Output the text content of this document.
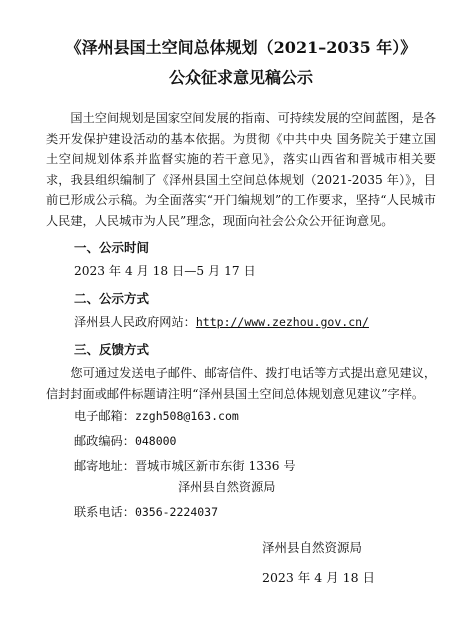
《泽州县国土空间总体规划（2021–2035 年）》
公众征求意见稿公示

国土空间规划是国家空间发展的指南、可持续发展的空间蓝图，是各类开发保护建设活动的基本依据。为贯彻《中共中央 国务院关于建立国土空间规划体系并监督实施的若干意见》，落实山西省和晋城市相关要求，我县组织编制了《泽州县国土空间总体规划（2021-2035 年）》，目前已形成公示稿。为全面落实“开门编规划”的工作要求，坚持“人民城市人民建，人民城市为人民”理念，现面向社会公众公开征询意见。

一、公示时间
2023 年 4 月 18 日—5 月 17 日
二、公示方式
泽州县人民政府网站：http://www.zezhou.gov.cn/
三、反馈方式

您可通过发送电子邮件、邮寄信件、拨打电话等方式提出意见建议，信封封面或邮件标题请注明“泽州县国土空间总体规划意见建议”字样。

电子邮箱：zzgh508@163.com
邮政编码：048000
邮寄地址：晋城市城区新市东街 1336 号
泽州县自然资源局
联系电话：0356-2224037
泽州县自然资源局
2023 年 4 月 18 日
